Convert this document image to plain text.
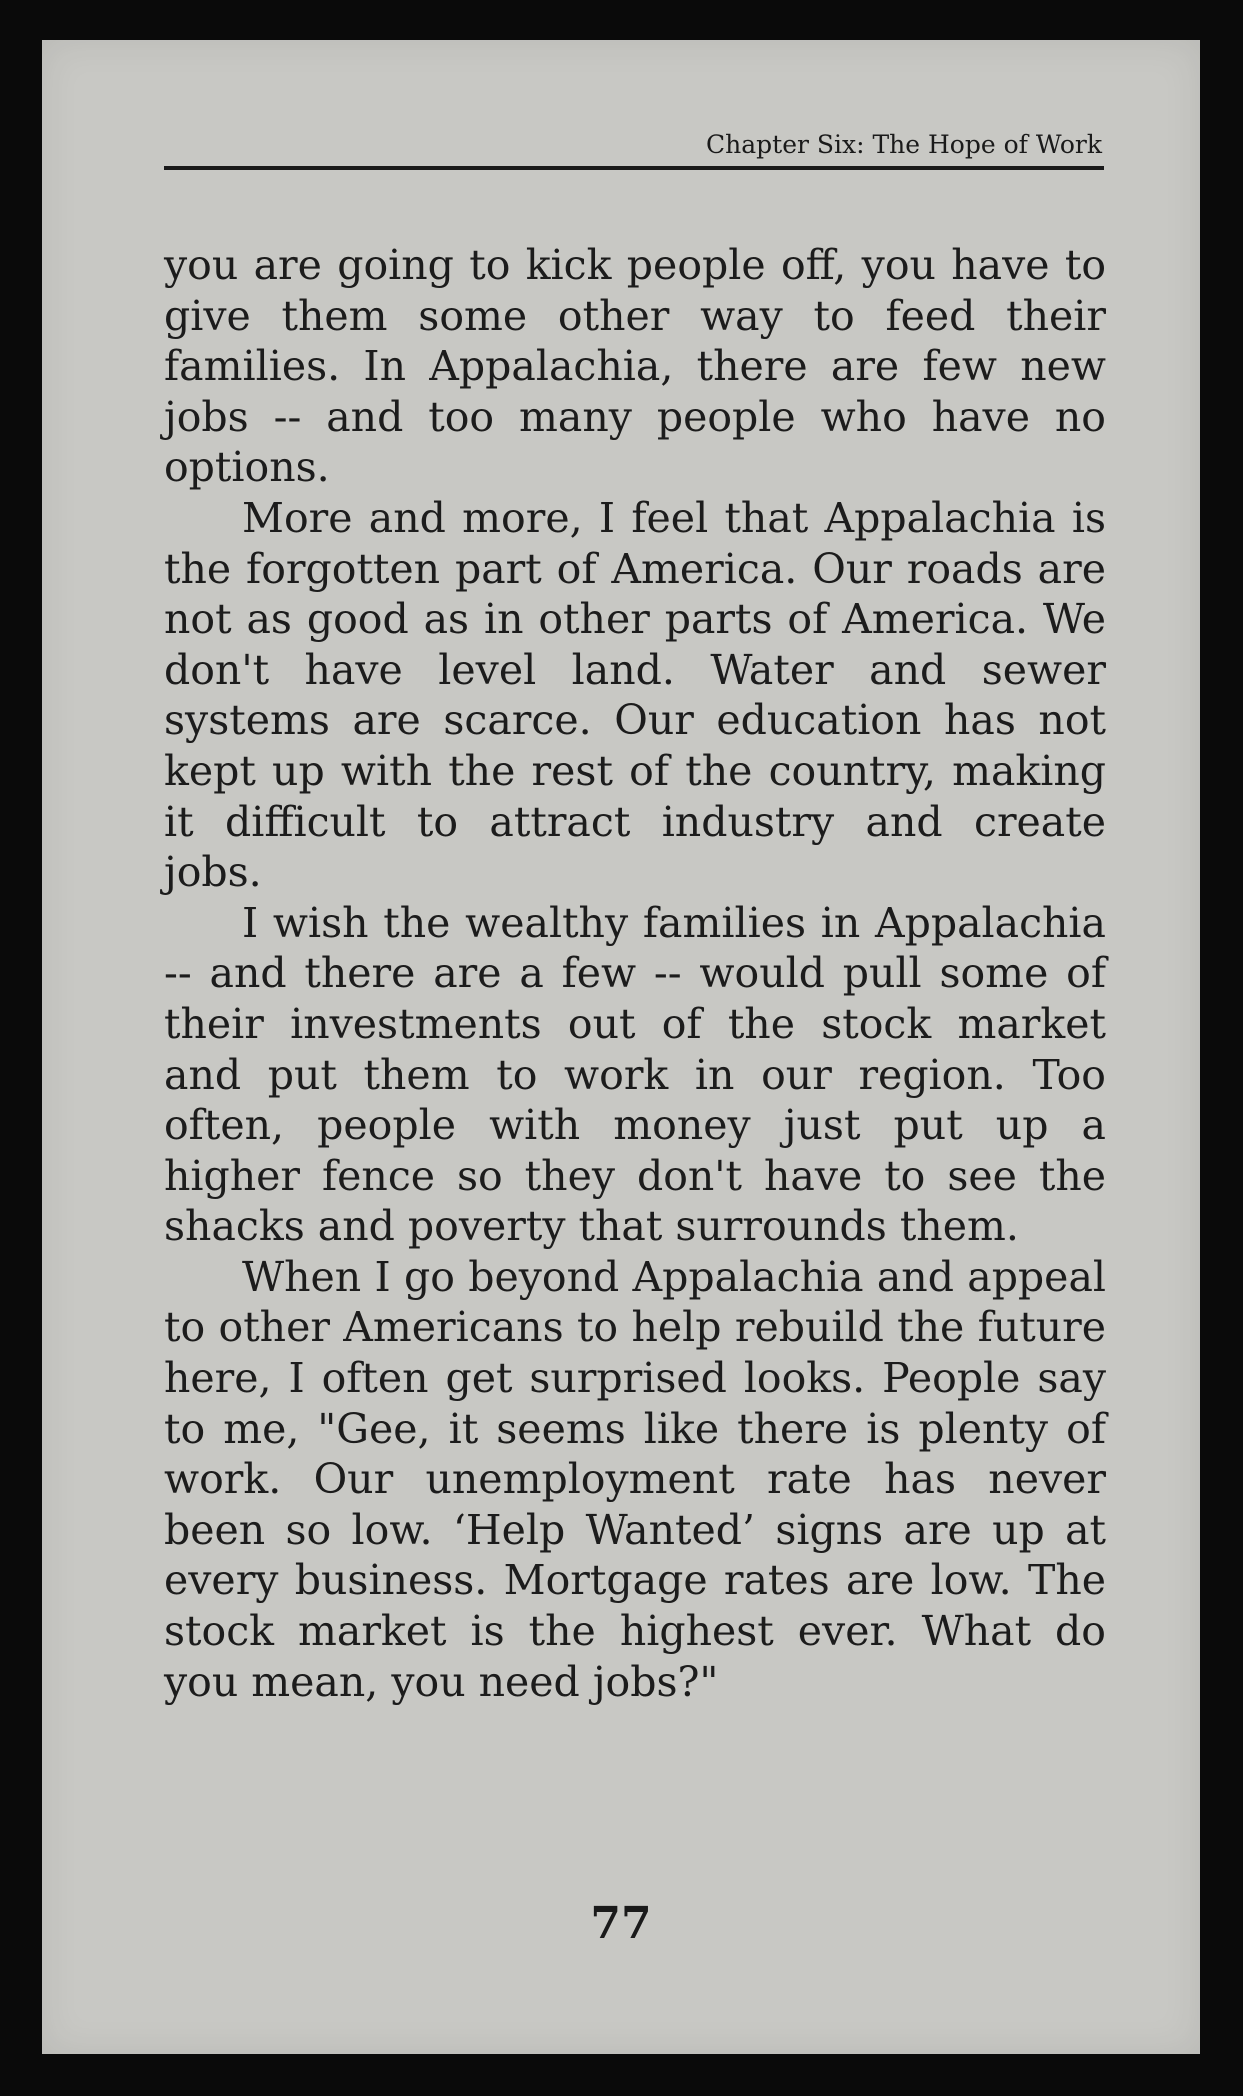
Chapter Six: The Hope of Work

you are going to kick people off, you have to give them some other way to feed their families. In Appalachia, there are few new jobs -- and too many people who have no options.

More and more, I feel that Appalachia is the forgotten part of America. Our roads are not as good as in other parts of America. We don't have level land. Water and sewer systems are scarce. Our education has not kept up with the rest of the country, making it difficult to attract industry and create jobs.

I wish the wealthy families in Appalachia -- and there are a few -- would pull some of their investments out of the stock market and put them to work in our region. Too often, people with money just put up a higher fence so they don't have to see the shacks and poverty that surrounds them.

When I go beyond Appalachia and appeal to other Americans to help rebuild the future here, I often get surprised looks. People say to me, "Gee, it seems like there is plenty of work. Our unemployment rate has never been so low. ‘Help Wanted’ signs are up at every business. Mortgage rates are low. The stock market is the highest ever. What do you mean, you need jobs?"

77
